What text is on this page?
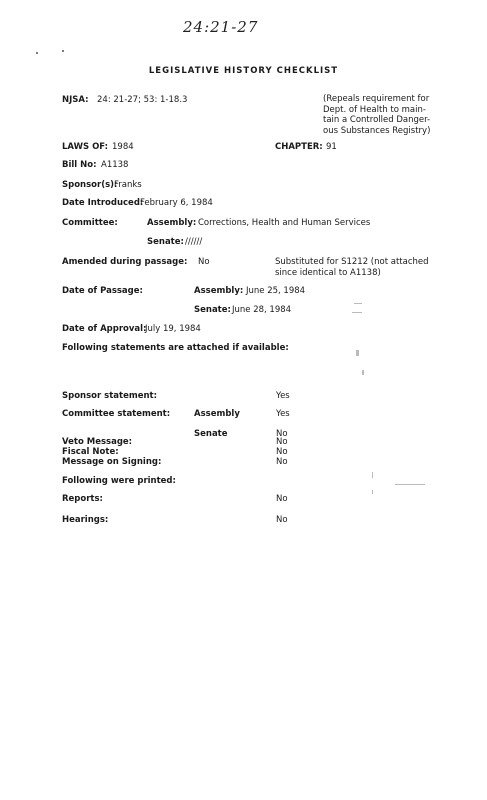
24:21-27
LEGISLATIVE HISTORY CHECKLIST
NJSA: 24: 21-27; 53: 1-18.3	(Repeals requirement for
Dept. of Health to main-
tain a Controlled Danger-
ous Substances Registry)
LAWS OF: 1984	CHAPTER: 91
Bill No: A1138
Sponsor(s):
Franks
Date Introduced:
February 6, 1984
Committee:	Assembly: Corrections, Health and Human Services
Senate: //////
Amended during passage: No	Substituted for S1212 (not attached
since identical to A1138)
Date of Passage:	Assembly: June 25, 1984
Senate: June 28, 1984
Date of Approval:
July 19, 1984
Following statements are attached if available:
Sponsor statement:	Yes
Committee statement:	Assembly	Yes
Senate	No
Fiscal Note:	No
Veto Message:	No
Message on Signing:	No
Following were printed:
Reports:	No
Hearings:	No
